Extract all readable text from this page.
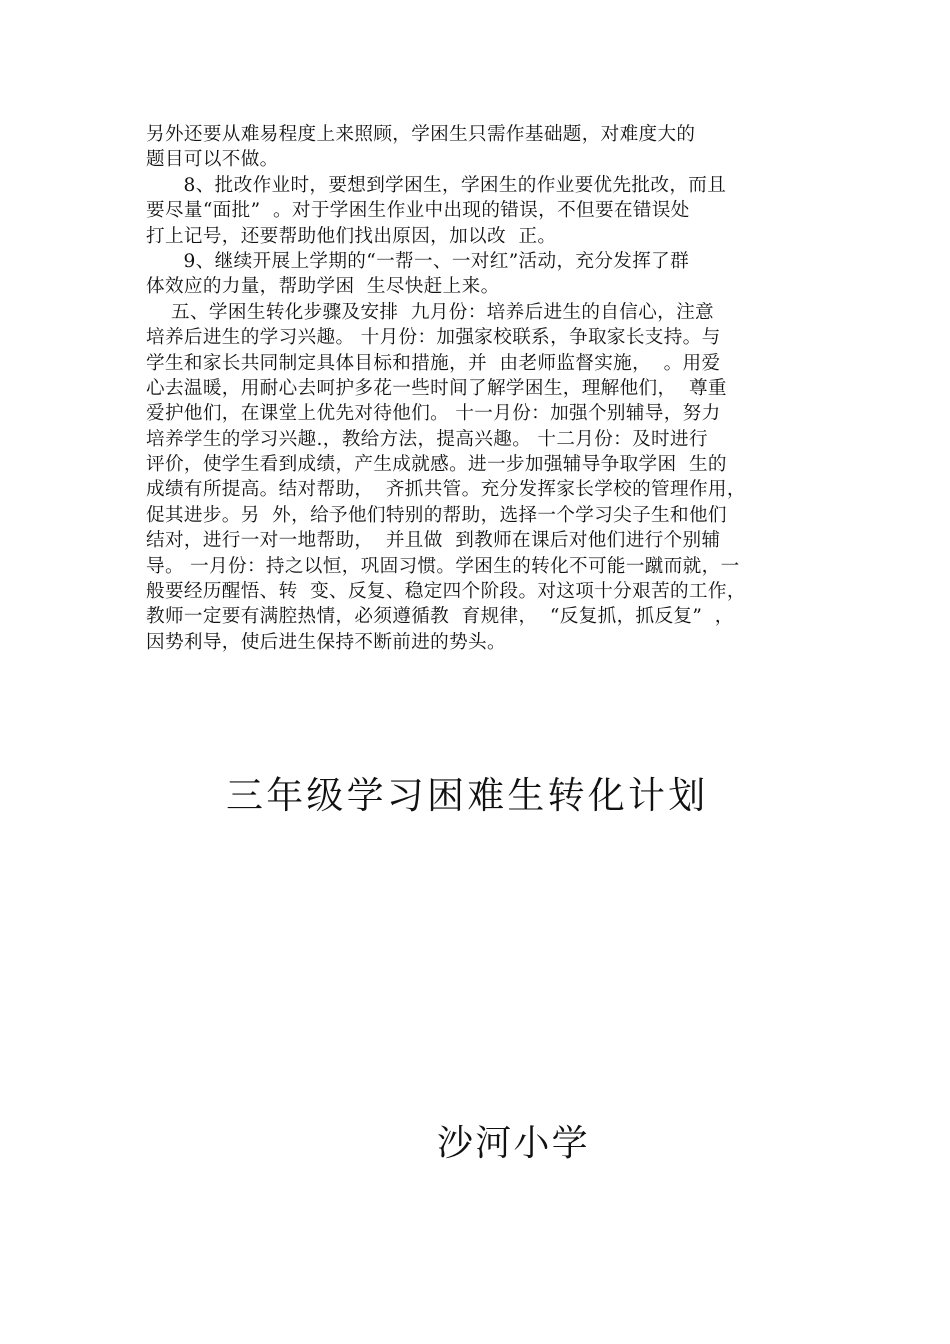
另外还要从难易程度上来照顾，学困生只需作基础题，对难度大的
题目可以不做。
8、批改作业时，要想到学困生，学困生的作业要优先批改，而且
要尽量“面批”  。对于学困生作业中出现的错误，不但要在错误处
打上记号，还要帮助他们找出原因，加以改  正。
9、继续开展上学期的“一帮一、一对红”活动，充分发挥了群
体效应的力量，帮助学困  生尽快赶上来。
五、学困生转化步骤及安排  九月份：培养后进生的自信心，注意
培养后进生的学习兴趣。 十月份：加强家校联系，争取家长支持。与
学生和家长共同制定具体目标和措施，并  由老师监督实施，  。用爱
心去温暖，用耐心去呵护多花一些时间了解学困生，理解他们，  尊重
爱护他们，在课堂上优先对待他们。 十一月份：加强个别辅导，努力
培养学生的学习兴趣.，教给方法，提高兴趣。 十二月份：及时进行
评价，使学生看到成绩，产生成就感。进一步加强辅导争取学困  生的
成绩有所提高。结对帮助，  齐抓共管。充分发挥家长学校的管理作用，
促其进步。另  外，给予他们特别的帮助，选择一个学习尖子生和他们
结对，进行一对一地帮助，  并且做  到教师在课后对他们进行个别辅
导。 一月份：持之以恒，巩固习惯。学困生的转化不可能一蹴而就，一
般要经历醒悟、转  变、反复、稳定四个阶段。对这项十分艰苦的工作，
教师一定要有满腔热情，必须遵循教  育规律，  “反复抓，抓反复”  ，
因势利导，使后进生保持不断前进的势头。
三年级学习困难生转化计划
沙河小学
